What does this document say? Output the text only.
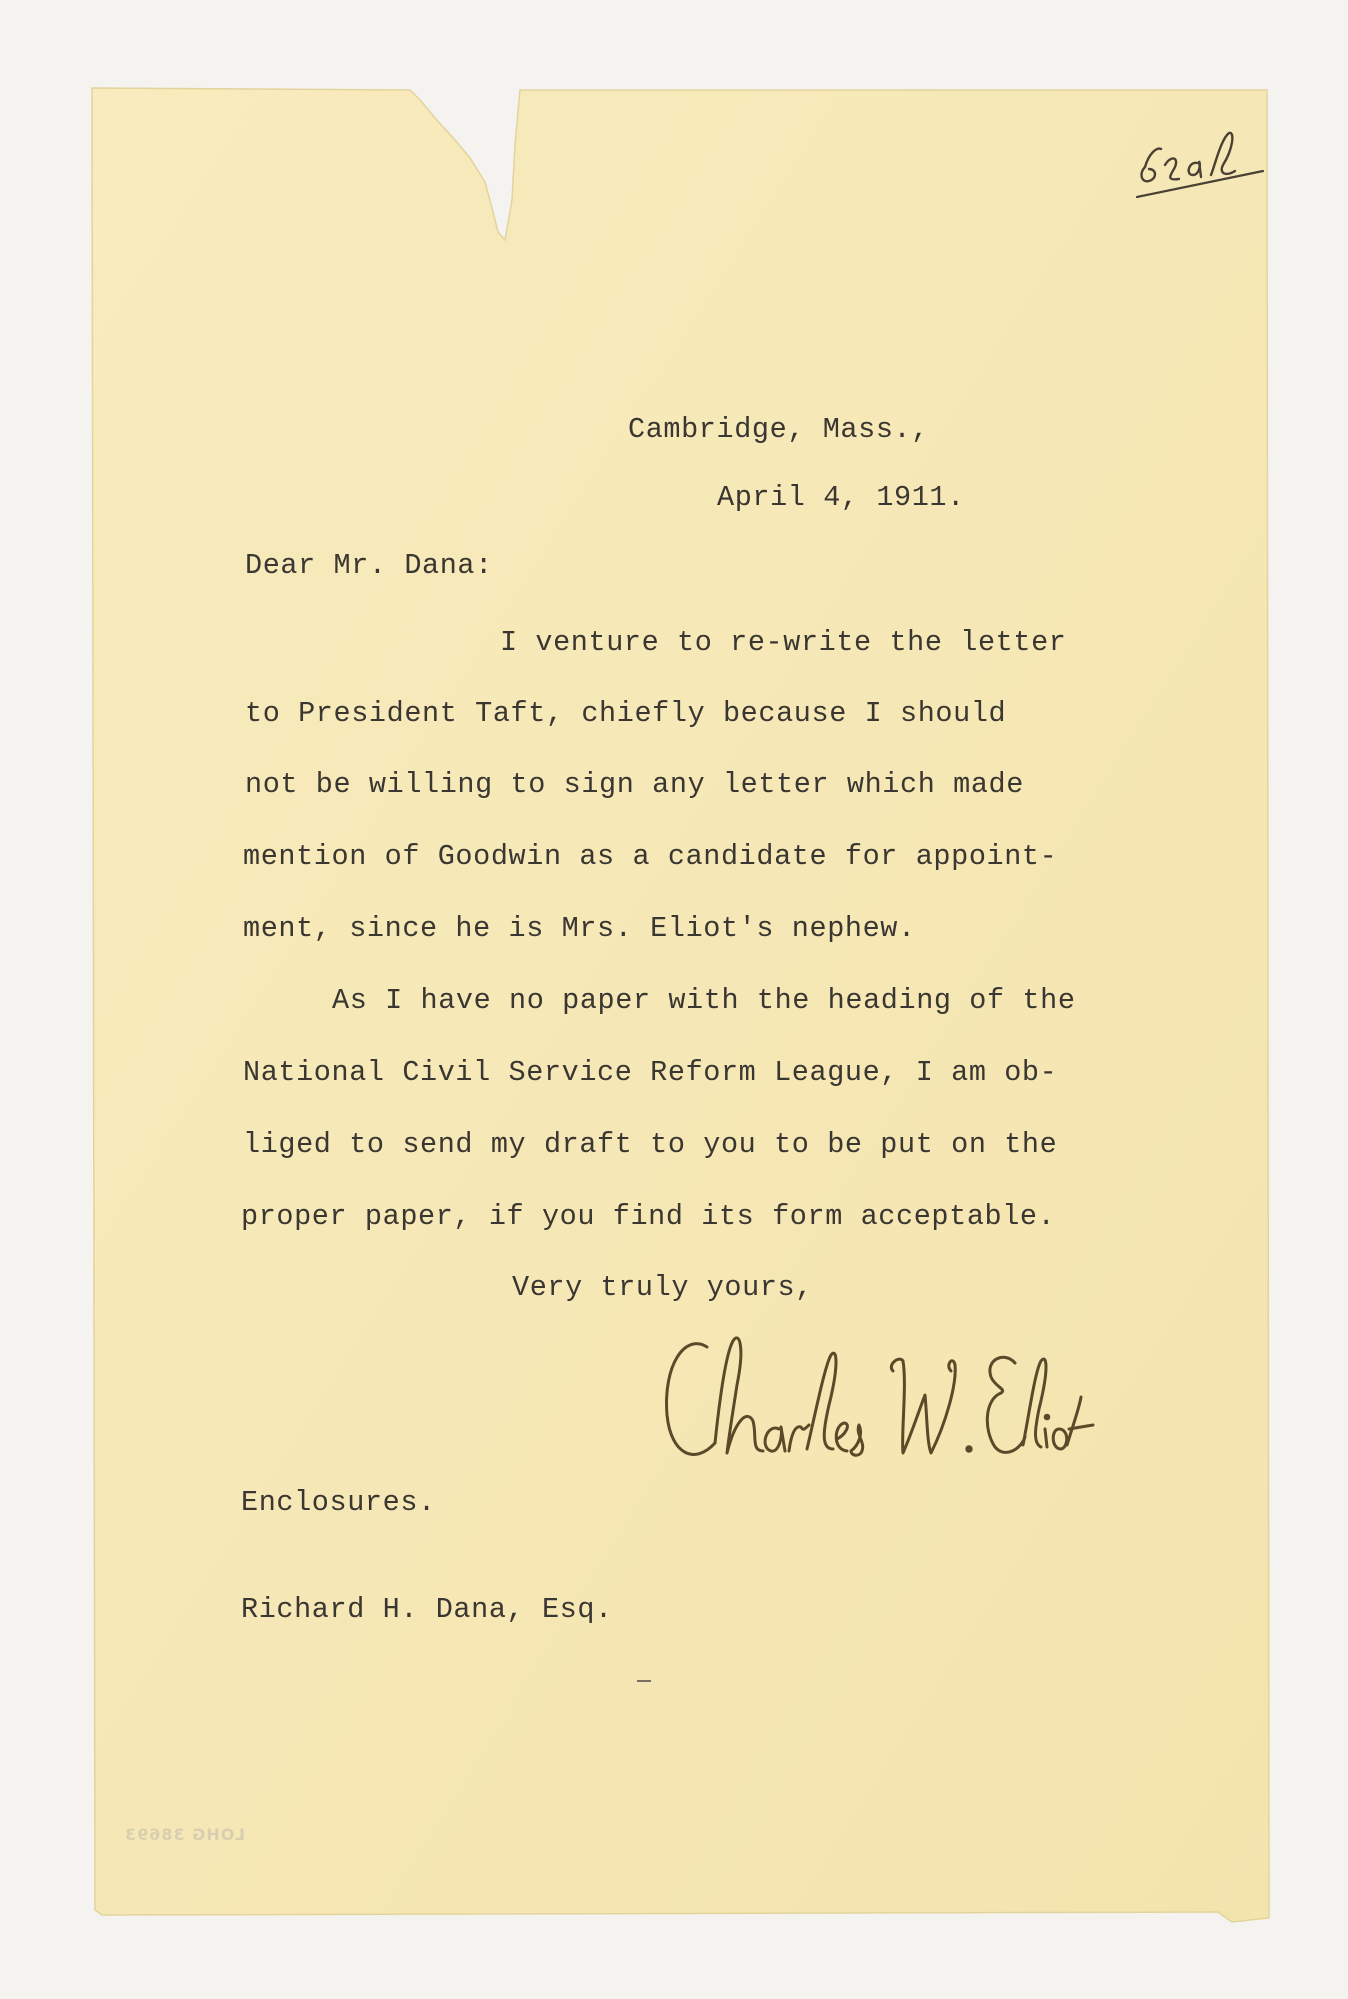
Cambridge, Mass.,

April 4, 1911.

Dear Mr. Dana:

I venture to re-write the letter

to President Taft, chiefly because I should

not be willing to sign any letter which made

mention of Goodwin as a candidate for appoint-

ment, since he is Mrs. Eliot's nephew.

As I have no paper with the heading of the

National Civil Service Reform League, I am ob-

liged to send my draft to you to be put on the

proper paper, if you find its form acceptable.

Very truly yours,

Enclosures.

Richard H. Dana, Esq.

LOHG 38693
